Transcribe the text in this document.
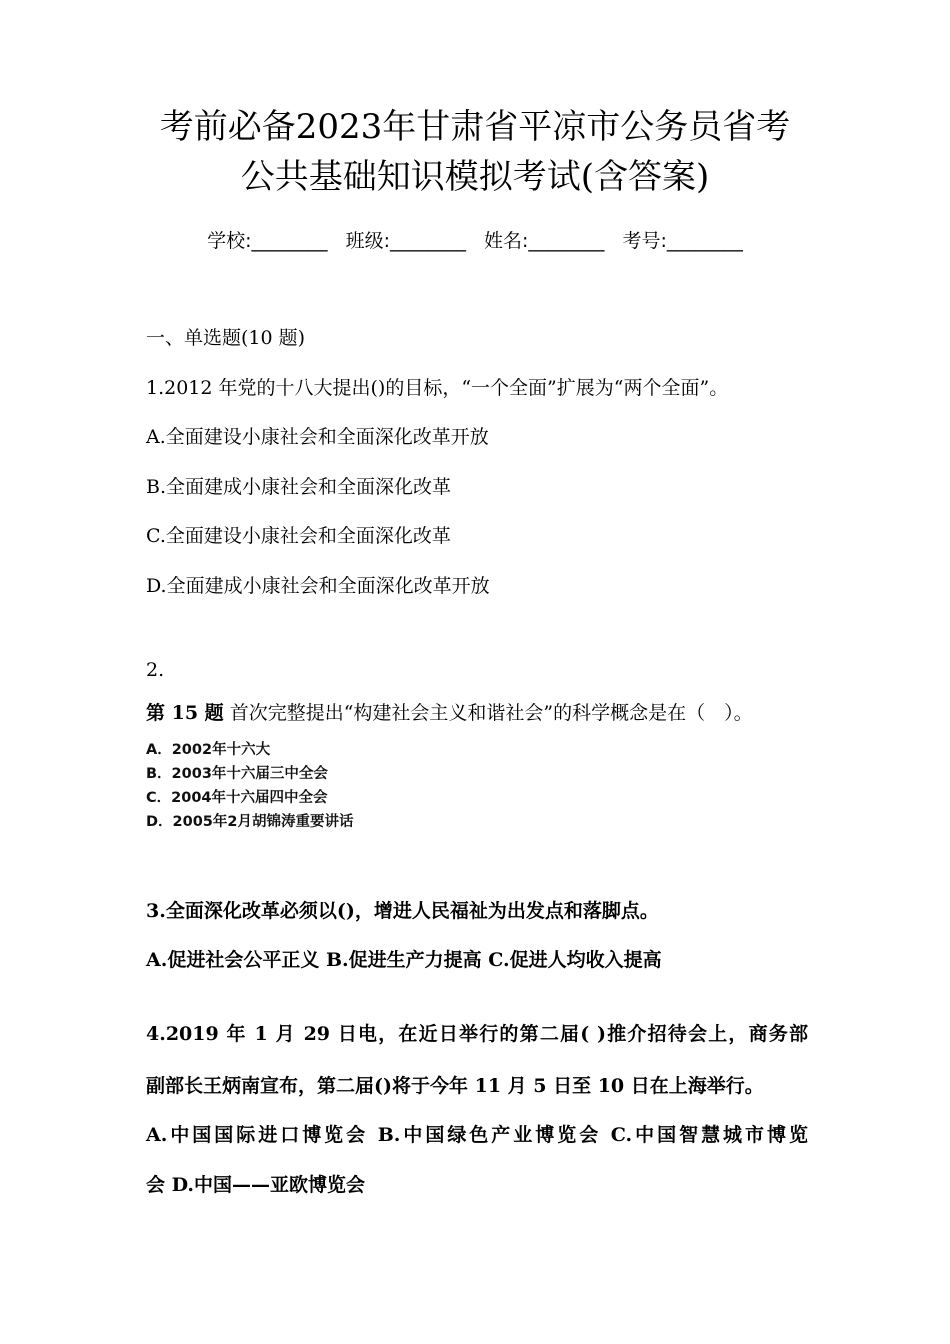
考前必备2023年甘肃省平凉市公务员省考
公共基础知识模拟考试(含答案)
学校:________ 班级:________ 姓名:________ 考号:________
一、单选题(10 题)
1.2012 年党的十八大提出()的目标，“一个全面”扩展为“两个全面”。
A.全面建设小康社会和全面深化改革开放
B.全面建成小康社会和全面深化改革
C.全面建设小康社会和全面深化改革
D.全面建成小康社会和全面深化改革开放
2.
第 15 题 首次完整提出“构建社会主义和谐社会”的科学概念是在（　）。
A．2002年十六大
B．2003年十六届三中全会
C．2004年十六届四中全会
D．2005年2月胡锦涛重要讲话
3.全面深化改革必须以()，增进人民福祉为出发点和落脚点。
A.促进社会公平正义 B.促进生产力提高 C.促进人均收入提高
4.2019 年 1 月 29 日电，在近日举行的第二届( )推介招待会上，商务部
副部长王炳南宣布，第二届()将于今年 11 月 5 日至 10 日在上海举行。
A.中国国际进口博览会 B.中国绿色产业博览会 C.中国智慧城市博览
会 D.中国——亚欧博览会
